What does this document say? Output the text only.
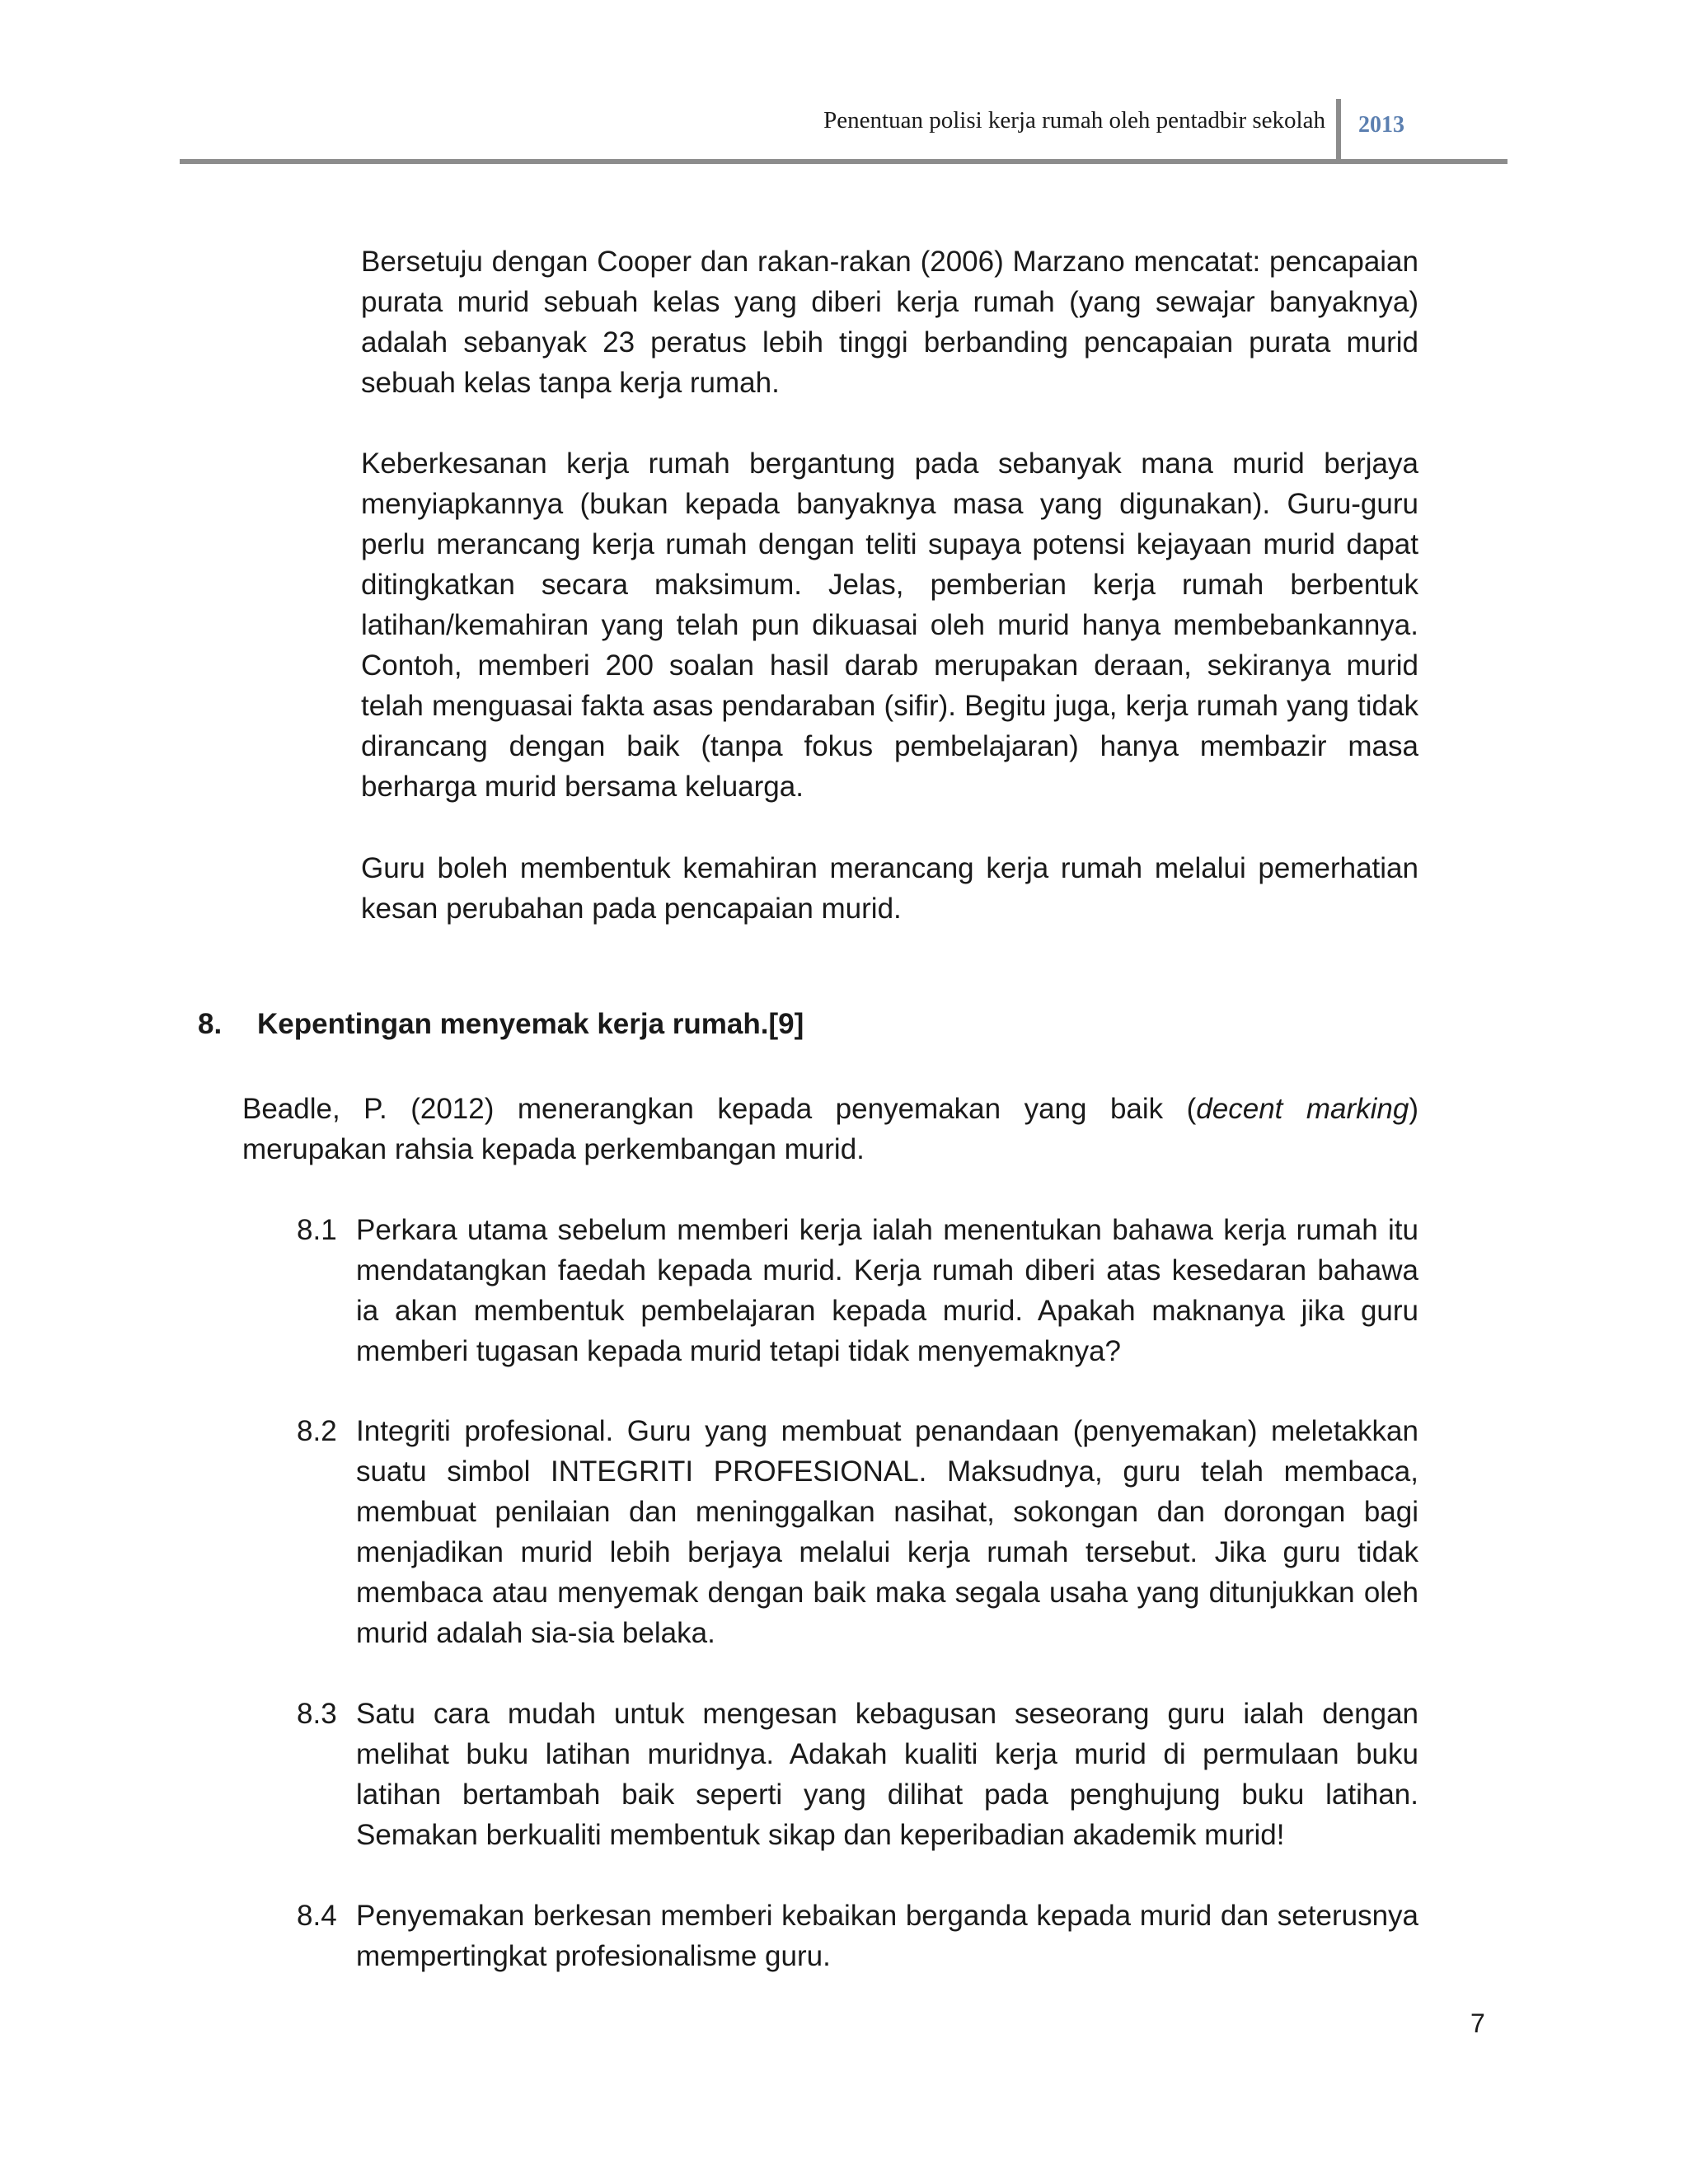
Penentuan polisi kerja rumah oleh pentadbir sekolah 2013
Bersetuju dengan Cooper dan rakan-rakan (2006) Marzano mencatat: pencapaian purata murid sebuah kelas yang diberi kerja rumah (yang sewajar banyaknya) adalah sebanyak 23 peratus lebih tinggi berbanding pencapaian purata murid sebuah kelas tanpa kerja rumah.
Keberkesanan kerja rumah bergantung pada sebanyak mana murid berjaya menyiapkannya (bukan kepada banyaknya masa yang digunakan). Guru-guru perlu merancang kerja rumah dengan teliti supaya potensi kejayaan murid dapat ditingkatkan secara maksimum. Jelas, pemberian kerja rumah berbentuk latihan/kemahiran yang telah pun dikuasai oleh murid hanya membebankannya. Contoh, memberi 200 soalan hasil darab merupakan deraan, sekiranya murid telah menguasai fakta asas pendaraban (sifir). Begitu juga, kerja rumah yang tidak dirancang dengan baik (tanpa fokus pembelajaran) hanya membazir masa berharga murid bersama keluarga.
Guru boleh membentuk kemahiran merancang kerja rumah melalui pemerhatian kesan perubahan pada pencapaian murid.
8. Kepentingan menyemak kerja rumah.[9]
Beadle, P. (2012) menerangkan kepada penyemakan yang baik (decent marking) merupakan rahsia kepada perkembangan murid.
8.1 Perkara utama sebelum memberi kerja ialah menentukan bahawa kerja rumah itu mendatangkan faedah kepada murid. Kerja rumah diberi atas kesedaran bahawa ia akan membentuk pembelajaran kepada murid. Apakah maknanya jika guru memberi tugasan kepada murid tetapi tidak menyemaknya?
8.2 Integriti profesional. Guru yang membuat penandaan (penyemakan) meletakkan suatu simbol INTEGRITI PROFESIONAL. Maksudnya, guru telah membaca, membuat penilaian dan meninggalkan nasihat, sokongan dan dorongan bagi menjadikan murid lebih berjaya melalui kerja rumah tersebut. Jika guru tidak membaca atau menyemak dengan baik maka segala usaha yang ditunjukkan oleh murid adalah sia-sia belaka.
8.3 Satu cara mudah untuk mengesan kebagusan seseorang guru ialah dengan melihat buku latihan muridnya. Adakah kualiti kerja murid di permulaan buku latihan bertambah baik seperti yang dilihat pada penghujung buku latihan. Semakan berkualiti membentuk sikap dan keperibadian akademik murid!
8.4 Penyemakan berkesan memberi kebaikan berganda kepada murid dan seterusnya mempertingkat profesionalisme guru.
7
